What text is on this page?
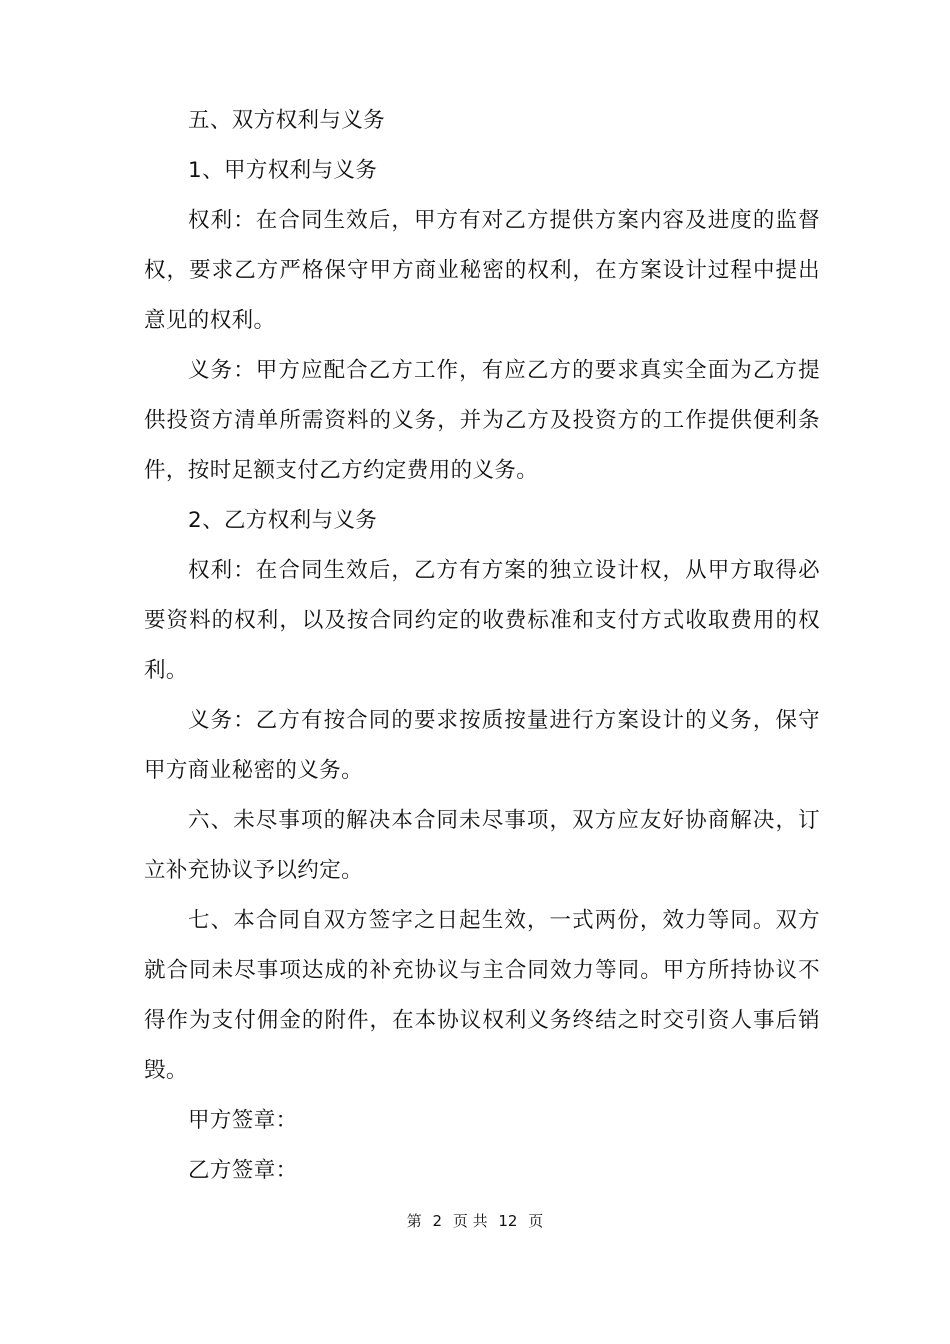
五、双方权利与义务

1、甲方权利与义务

权利：在合同生效后，甲方有对乙方提供方案内容及进度的监督权，要求乙方严格保守甲方商业秘密的权利，在方案设计过程中提出意见的权利。

义务：甲方应配合乙方工作，有应乙方的要求真实全面为乙方提供投资方清单所需资料的义务，并为乙方及投资方的工作提供便利条件，按时足额支付乙方约定费用的义务。

2、乙方权利与义务

权利：在合同生效后，乙方有方案的独立设计权，从甲方取得必要资料的权利，以及按合同约定的收费标准和支付方式收取费用的权利。

义务：乙方有按合同的要求按质按量进行方案设计的义务，保守甲方商业秘密的义务。

六、未尽事项的解决本合同未尽事项，双方应友好协商解决，订立补充协议予以约定。

七、本合同自双方签字之日起生效，一式两份，效力等同。双方就合同未尽事项达成的补充协议与主合同效力等同。甲方所持协议不得作为支付佣金的附件，在本协议权利义务终结之时交引资人事后销毁。

甲方签章：

乙方签章：

第 2 页 共 12 页
